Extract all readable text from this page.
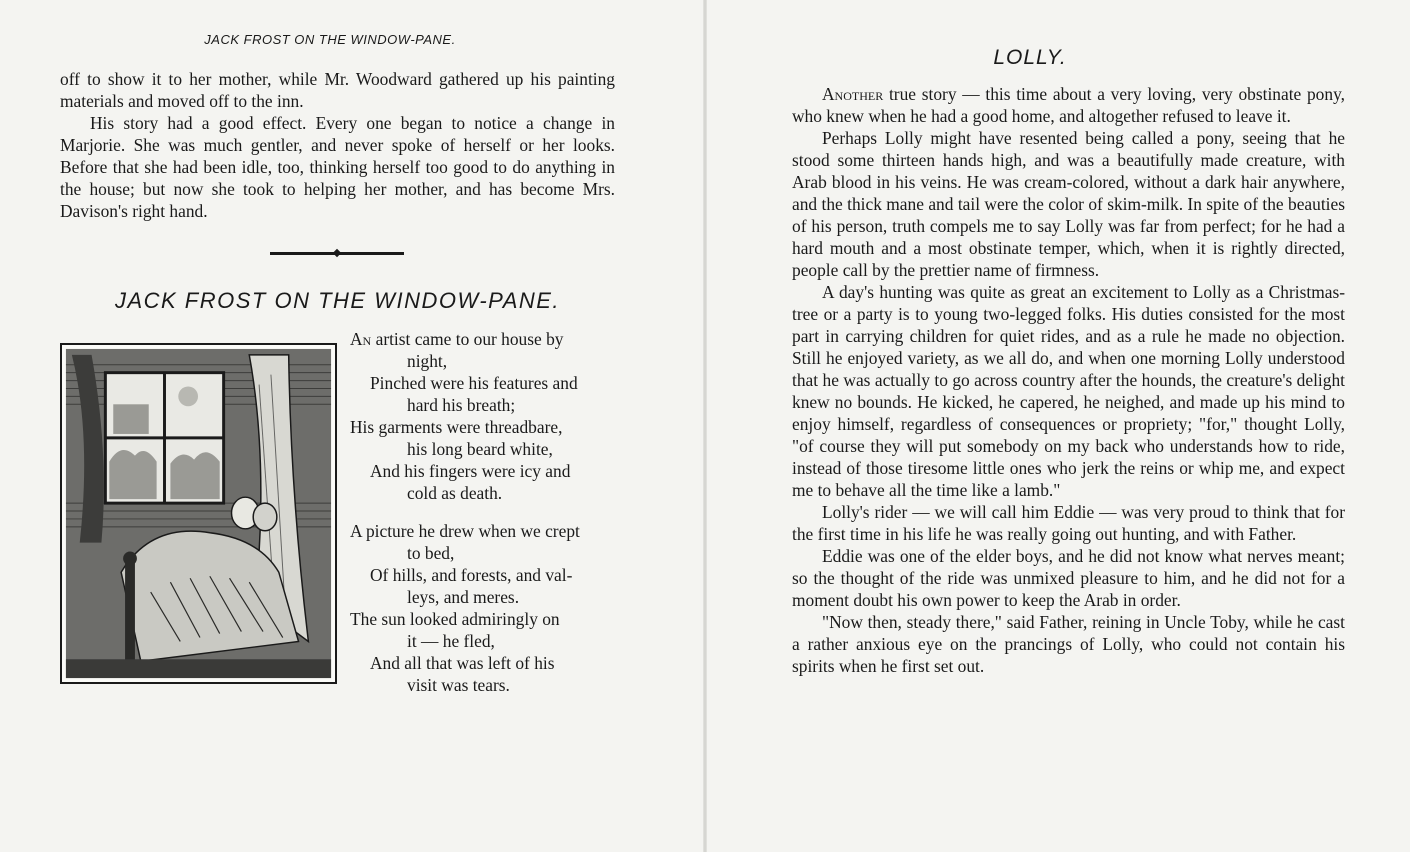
JACK FROST ON THE WINDOW-PANE.

off to show it to her mother, while Mr. Woodward gathered up his painting materials and moved off to the inn.

His story had a good effect. Every one began to notice a change in Marjorie. She was much gentler, and never spoke of herself or her looks. Before that she had been idle, too, thinking herself too good to do anything in the house; but now she took to helping her mother, and has become Mrs. Davison's right hand.

JACK FROST ON THE WINDOW-PANE.
An artist came to our house by
night,
Pinched were his features and
hard his breath;
His garments were threadbare,
his long beard white,
And his fingers were icy and
cold as death.
A picture he drew when we crept
to bed,
Of hills, and forests, and val-
leys, and meres.
The sun looked admiringly on
it — he fled,
And all that was left of his
visit was tears.
LOLLY.

Another true story — this time about a very loving, very obstinate pony, who knew when he had a good home, and altogether refused to leave it.

Perhaps Lolly might have resented being called a pony, seeing that he stood some thirteen hands high, and was a beautifully made creature, with Arab blood in his veins. He was cream-colored, without a dark hair anywhere, and the thick mane and tail were the color of skim-milk. In spite of the beauties of his person, truth compels me to say Lolly was far from perfect; for he had a hard mouth and a most obstinate temper, which, when it is rightly directed, people call by the prettier name of firmness.

A day's hunting was quite as great an excitement to Lolly as a Christmas-tree or a party is to young two-legged folks. His duties consisted for the most part in carrying children for quiet rides, and as a rule he made no objection. Still he enjoyed variety, as we all do, and when one morning Lolly understood that he was actually to go across country after the hounds, the creature's delight knew no bounds. He kicked, he capered, he neighed, and made up his mind to enjoy himself, regardless of consequences or propriety; "for," thought Lolly, "of course they will put somebody on my back who understands how to ride, instead of those tiresome little ones who jerk the reins or whip me, and expect me to behave all the time like a lamb."

Lolly's rider — we will call him Eddie — was very proud to think that for the first time in his life he was really going out hunting, and with Father.

Eddie was one of the elder boys, and he did not know what nerves meant; so the thought of the ride was unmixed pleasure to him, and he did not for a moment doubt his own power to keep the Arab in order.

"Now then, steady there," said Father, reining in Uncle Toby, while he cast a rather anxious eye on the prancings of Lolly, who could not contain his spirits when he first set out.
